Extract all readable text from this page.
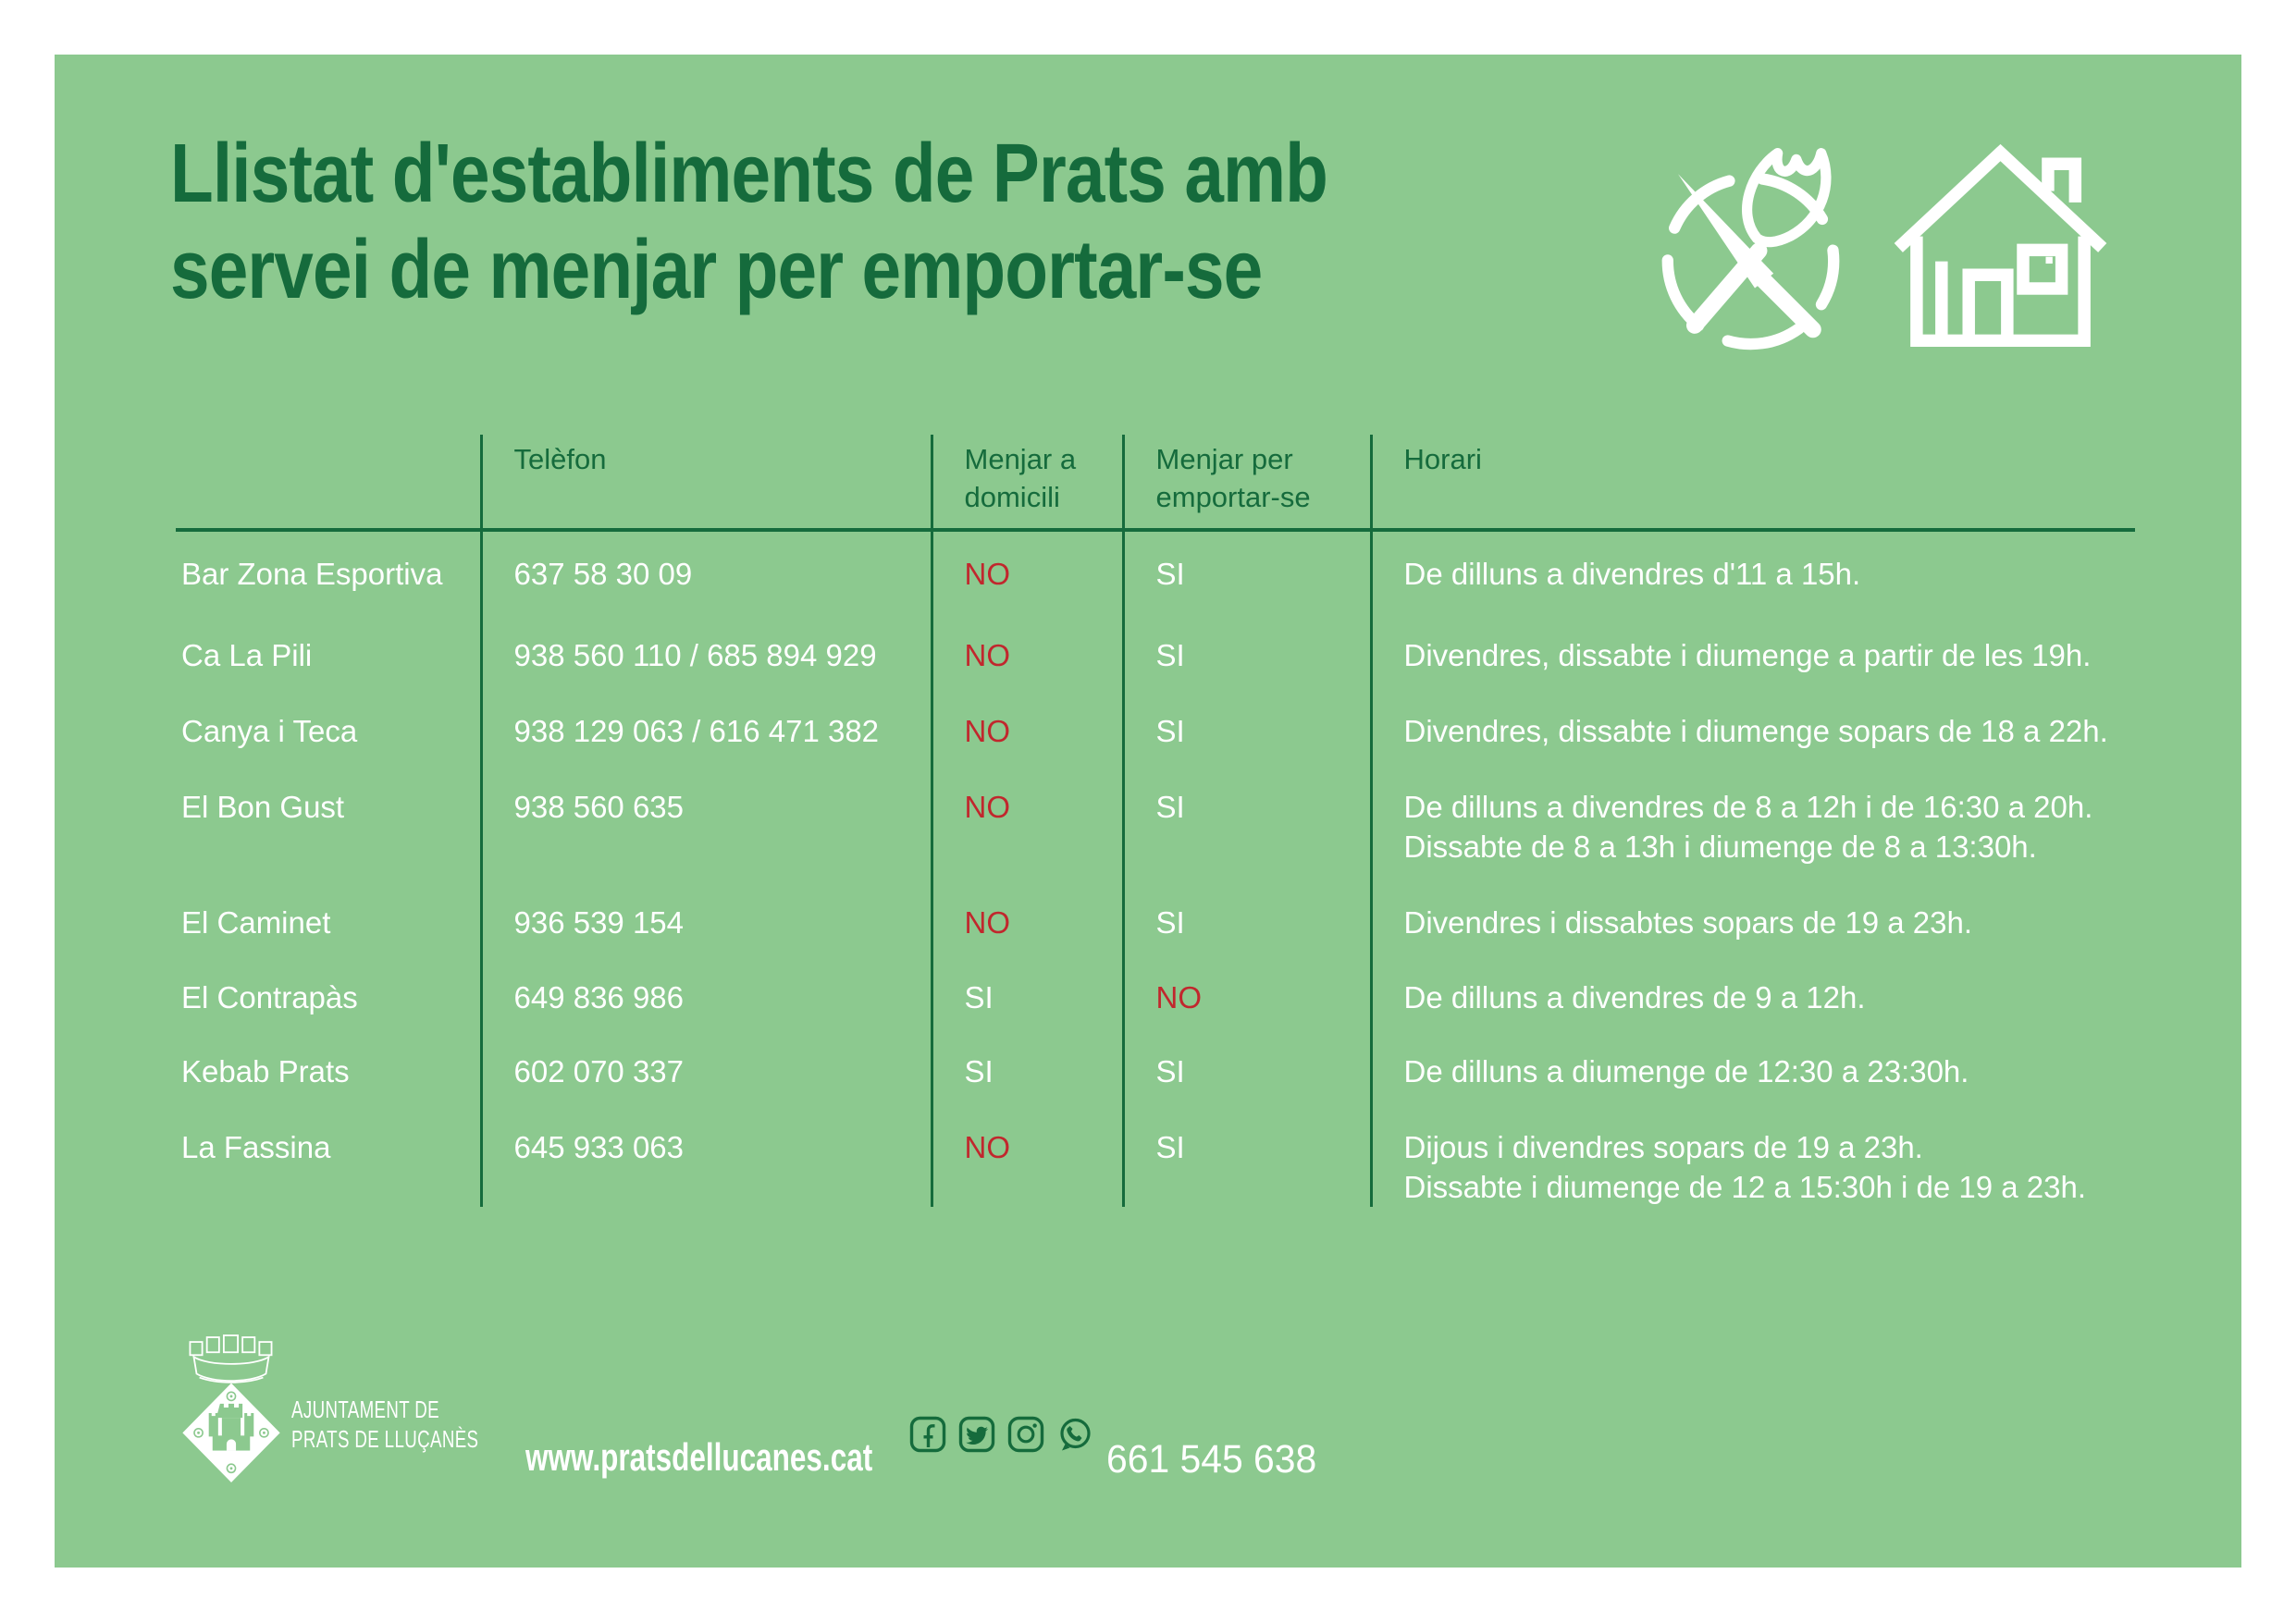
Llistat d'establiments de Prats amb
servei de menjar per emportar-se
	Telèfon	Menjar a domicili	Menjar per emportar-se	Horari
Bar Zona Esportiva	637 58 30 09	NO	SI	De dilluns a divendres d'11 a 15h.

Ca La Pili	938 560 110 / 685 894 929	NO	SI	Divendres, dissabte i diumenge a partir de les 19h.

Canya i Teca	938 129 063 / 616 471 382	NO	SI	Divendres, dissabte i diumenge sopars de 18 a 22h.

El Bon Gust	938 560 635	NO	SI	De dilluns a divendres de 8 a 12h i de 16:30 a 20h.
Dissabte de 8 a 13h i diumenge de 8 a 13:30h.

El Caminet	936 539 154	NO	SI	Divendres i dissabtes sopars de 19 a 23h.

El Contrapàs	649 836 986	SI	NO	De dilluns a divendres de 9 a 12h.

Kebab Prats	602 070 337	SI	SI	De dilluns a diumenge de 12:30 a 23:30h.

La Fassina	645 933 063	NO	SI	Dijous i divendres sopars de 19 a 23h.
Dissabte i diumenge de 12 a 15:30h i de 19 a 23h.
AJUNTAMENT DE
PRATS DE LLUÇANÈS www.pratsdellucanes.cat	661 545 638
